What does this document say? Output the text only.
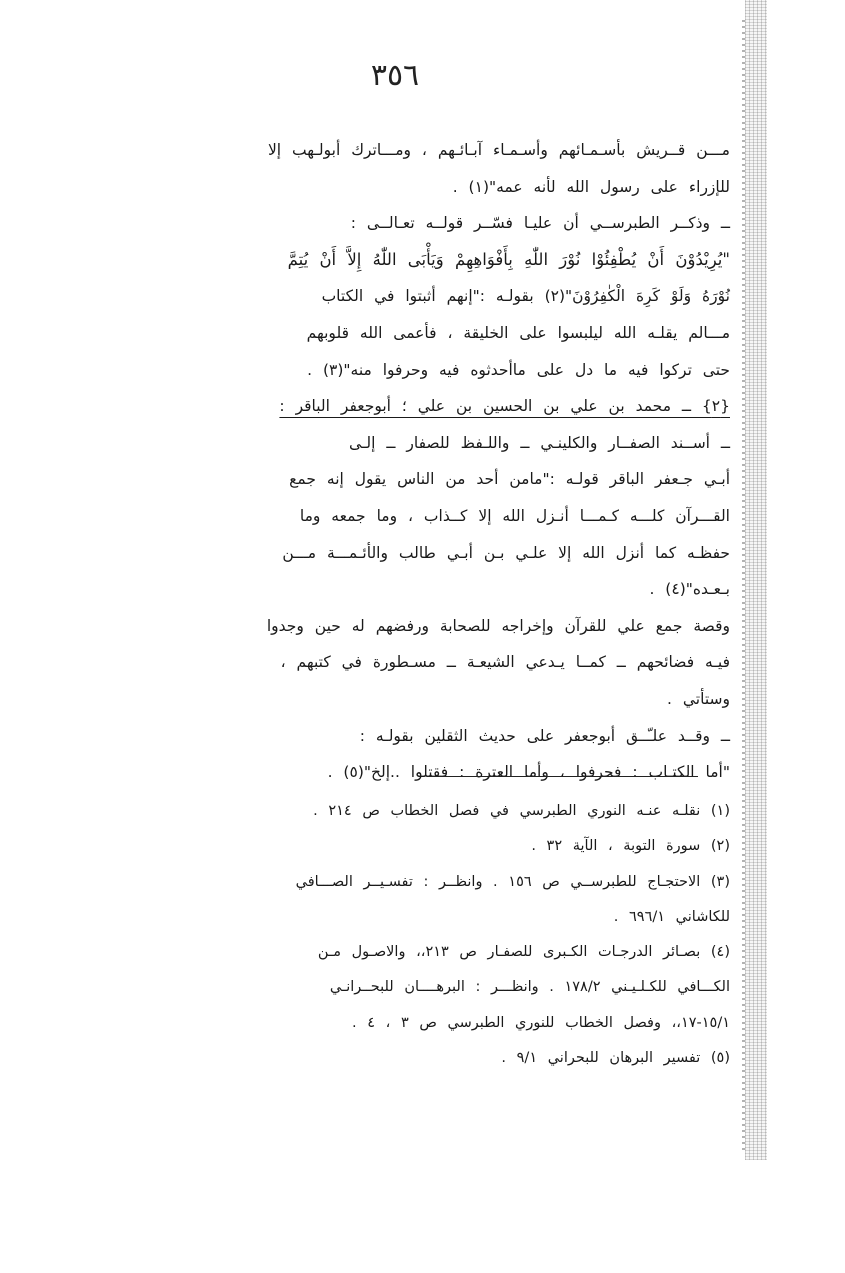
٣٥٦
مـــن قــريش بأسـمـائهم وأسـمـاء آبـائـهم ، ومـــاترك أبولـهب إلا
للإزراء على رسول الله لأنه عمه"(١) .
ــ وذكــر الطبرســي أن عليـا فسّــر قولــه تعـالــى :
"يُرِيْدُوْنَ أَنْ يُطْفِئُوْا نُوْرَ اللّٰهِ بِأَفْوَاهِهِمْ وَيَأْبَى اللّٰهُ إِلاَّ أَنْ يُتِمَّ
نُوْرَهُ وَلَوْ كَرِهَ الْكٰفِرُوْنَ"(٢) بقولـه :"إنهم أثبتوا في الكتاب
مـــالم يقلـه الله ليلبسوا على الخليقة ، فأعمى الله قلوبهم
حتى تركوا فيه ما دل على ماأحدثوه فيه وحرفوا منه"(٣) .
{٢} ــ محمد بن علي بن الحسين بن علي ؛ أبوجعفر الباقر :
ــ أســند الصفــار والكلينـي ــ واللـفظ للصفار ــ إلـى
أبـي جـعفر الباقر قولـه :"مامن أحد من الناس يقول إنه جمع
القـــرآن كلـــه كـمـــا أنـزل الله إلا كــذاب ، وما جمعه وما
حفظـه كما أنزل الله إلا علـي بـن أبـي طالب والأئـمـــة مـــن
بـعـده"(٤) .
وقصة جمع علي للقرآن وإخراجه للصحابة ورفضهم له حين وجدوا
فيـه فضائحهم ــ كمــا يـدعي الشيعـة ــ مسـطورة في كتبهم ،
وستأتي .
ــ وقــد علـّــق أبوجعفر على حديث الثقلين بقولـه :
"أما الكتـاب : فحرفوا ، وأما العترة : فقتلوا ..إلخ"(٥) .
(١) نقلـه عنـه النوري الطبرسي في فصل الخطاب ص ٢١٤ .
(٢) سورة التوبة ، الآية ٣٢ .
(٣) الاحتجـاج للطبرســي ص ١٥٦ . وانظــر : تفسـيــر الصـــافي
للكاشاني ٦٩٦/١ .
(٤) بصـائر الدرجـات الكـبرى للصفـار ص ٢١٣،، والاصـول مـن
الكـــافي للكـلـيـني ١٧٨/٢ . وانظـــر : البرهــــان للبحــرانـي
١٥/١-١٧،، وفصل الخطاب للنوري الطبرسي ص ٣ ، ٤ .
(٥) تفسير البرهان للبحراني ٩/١ .
